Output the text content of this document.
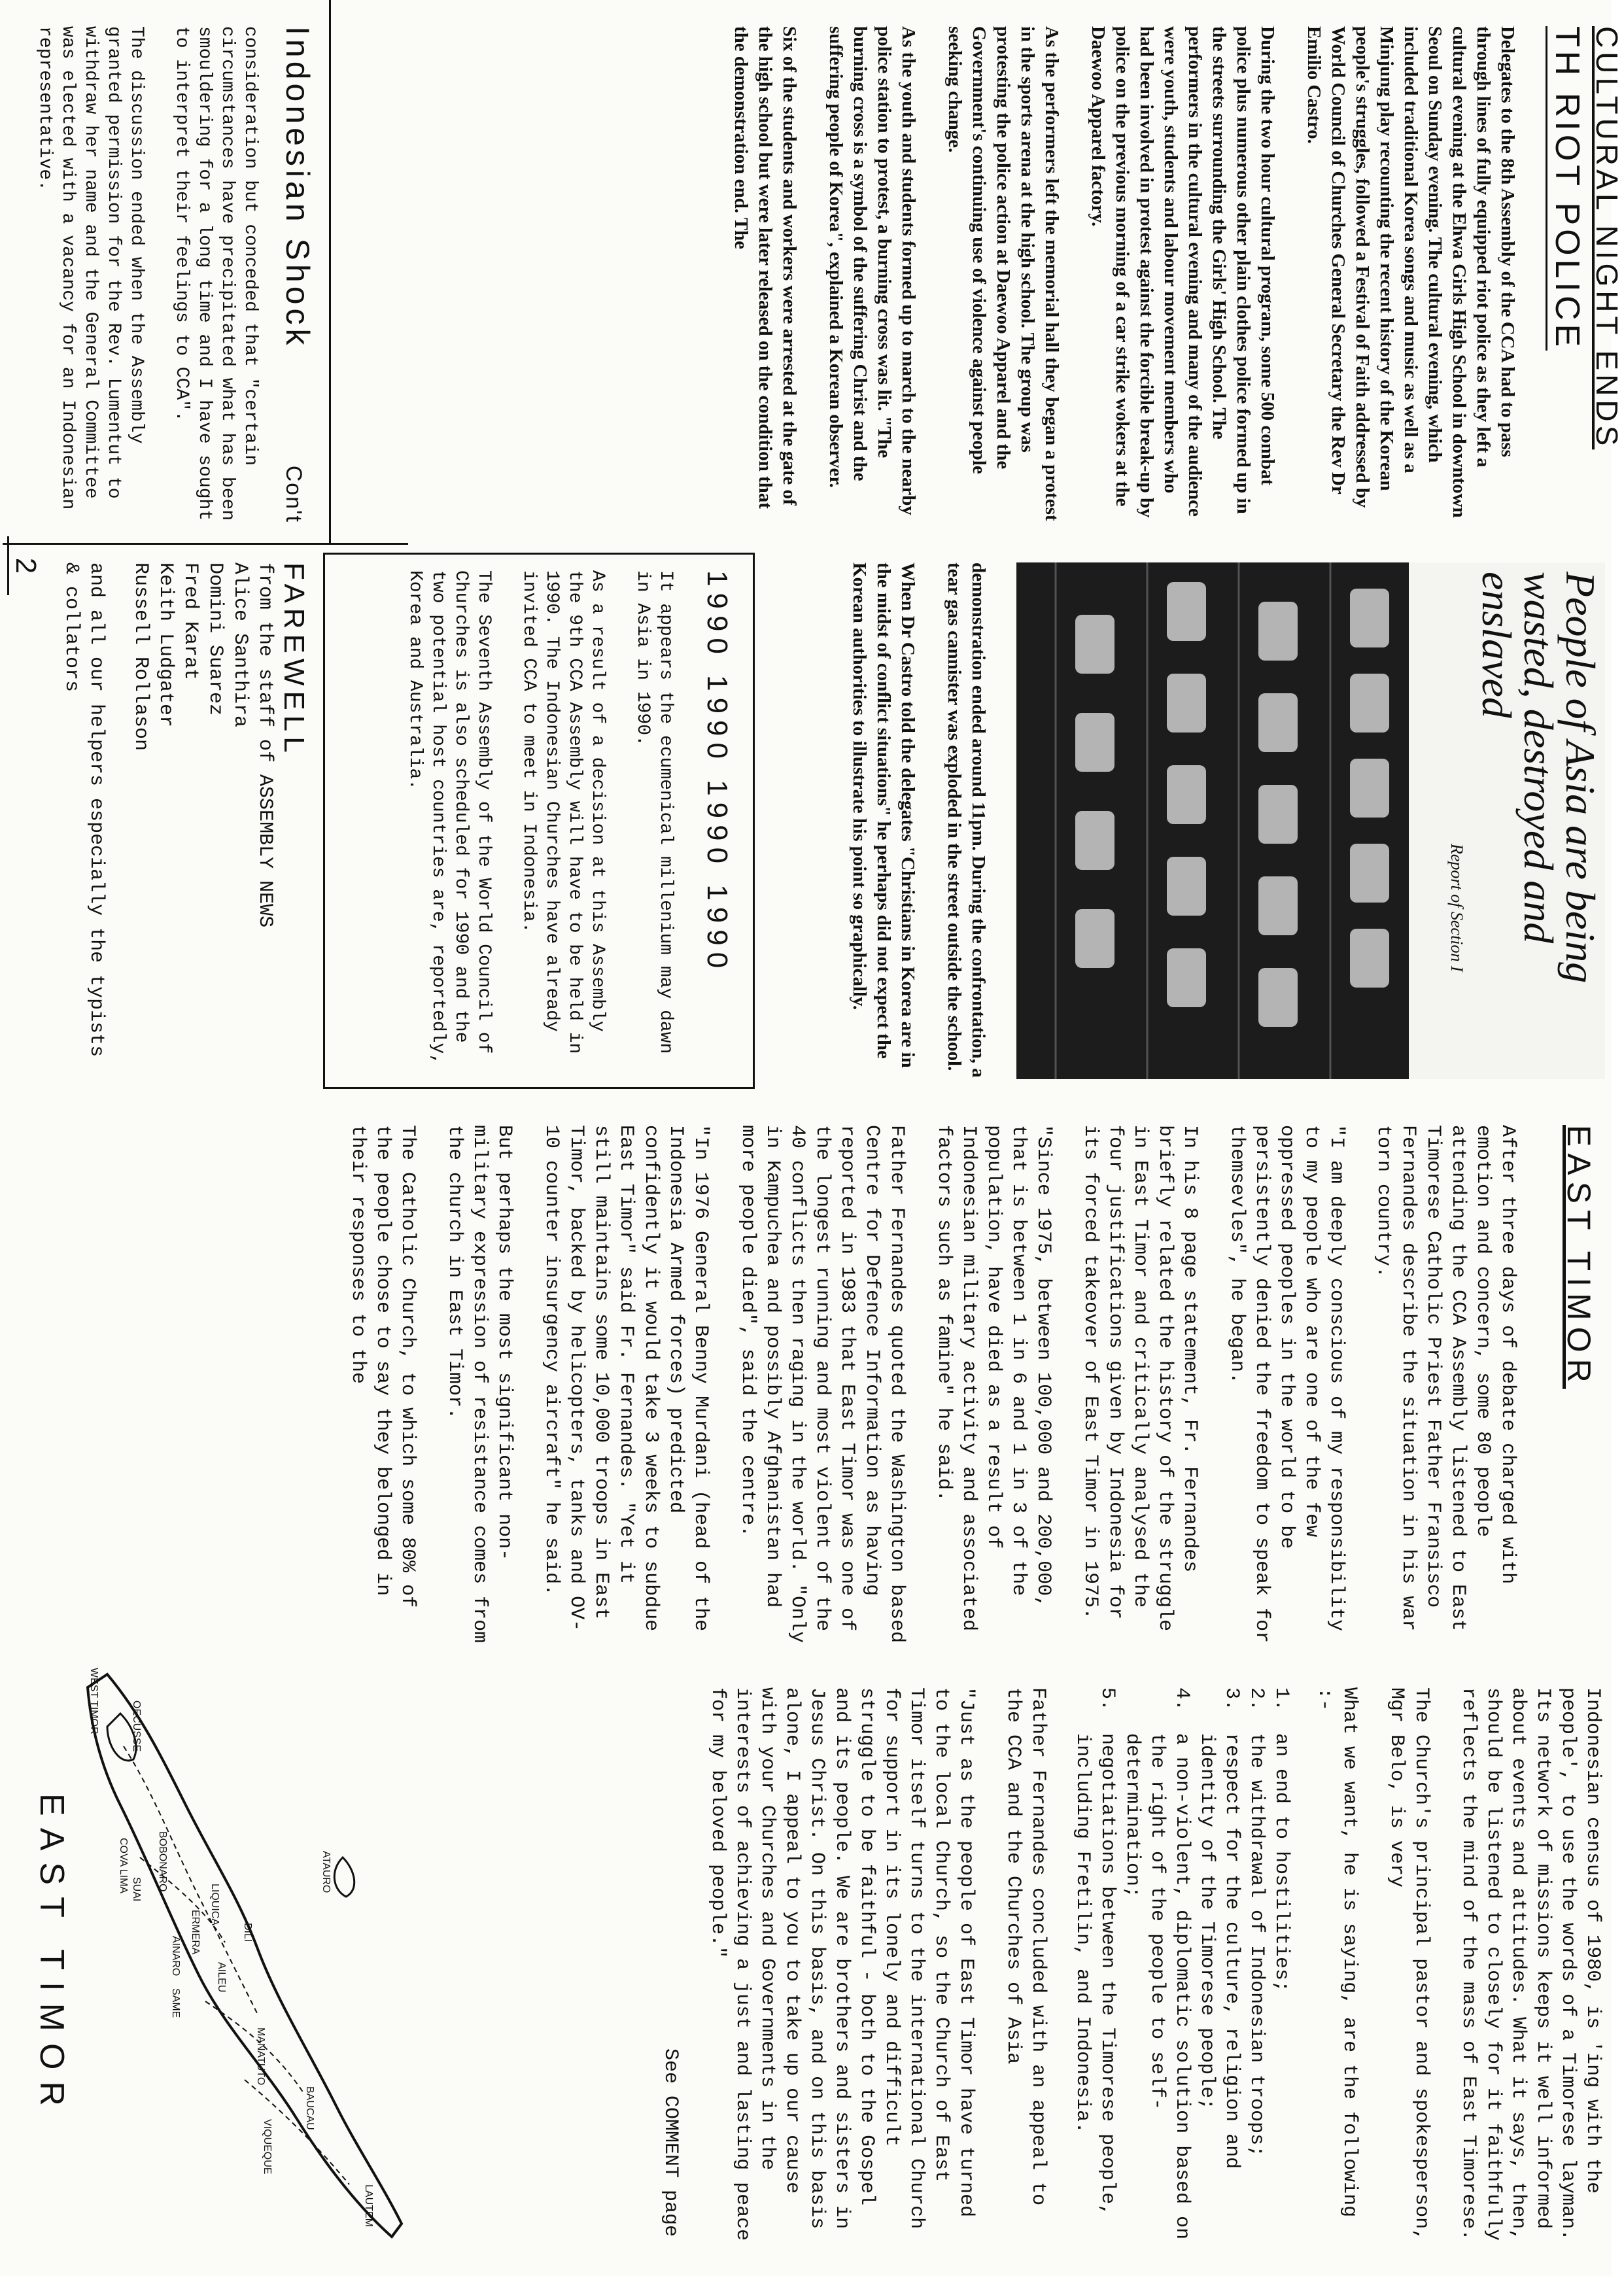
CULTURAL NIGHT ENDS
TH RIOT POLICE
Delegates to the 8th Assembly of the CCA had to pass through lines of fully equipped riot police as they left a cultural evening at the Ehwa Girls High School in downtown Seoul on Sunday evening. The cultural evening, which included traditional Korea songs and music as well as a Minjung play recounting the recent history of the Korean people's struggles, followed a Festival of Faith addressed by World Council of Churches General Secretary the Rev Dr Emilio Castro.
During the two hour cultural program, some 500 combat police plus numerous other plain clothes police formed up in the streets surrounding the Girls' High School. The performers in the cultural evening and many of the audience were youth, students and labour movement members who had been involved in protest against the forcible break-up by police on the previous morning of a car strike wokers at the Daewoo Apparel factory.
As the performers left the memorial hall they began a protest in the sports arena at the high school. The group was protesting the police action at Daewoo Apparel and the Government's continuing use of violence against people seeking change.
As the youth and students formed up to march to the nearby police station to protest, a burning cross was lit. "The burning cross is a symbol of the suffering Christ and the suffering people of Korea", explained a Korean observer.
Six of the students and workers were arrested at the gate of the high school but were later released on the condition that the demonstration end. The
Indonesian Shock
Con't
consideration but conceded that "certain circumstances have precipitated what has been smouldering for a long time and I have sought to interpret their feelings to CCA".
The discussion ended when the Assembly granted permission for the Rev. Lumentut to withdraw her name and the General Committee was elected with a vacancy for an Indonesian representative.
People of Asia are being wasted, destroyed and enslaved
Report of Section I
demonstration ended around 11pm. During the confrontation, a tear gas cannister was exploded in the street outside the school.
When Dr Castro told the delegates "Christians in Korea are in the midst of conflict situations" he perhaps did not expect the Korean authorities to illustrate his point so graphically.
1990 1990 1990 1990
It appears the ecumenical millenium may dawn in Asia in 1990.
As a result of a decision at this Assembly the 9th CCA Assembly will have to be held in 1990. The Indonesian Churches have already invited CCA to meet in Indonesia.
The Seventh Assembly of the World Council of Churches is also scheduled for 1990 and the two potential host countries are, reportedly, Korea and Australia.
FAREWELL
from the staff of ASSEMBLY NEWS
Alice Santhira
Domini Suarez
Fred Karat
Keith Ludgater
Russell Rollason
and all our helpers especially the typists & collators
2
EAST TIMOR
After three days of debate charged with emotion and concern, some 80 people attending the CCA Assembly listened to East Timorese Catholic Priest Father Fransisco Fernandes describe the situation in his war torn country.
"I am deeply conscious of my responsibility to my people who are one of the few oppressed peoples in the world to be persistently denied the freedom to speak for themsevles", he began.
In his 8 page statement, Fr. Fernandes briefly related the history of the struggle in East Timor and critically analysed the four justifications given by Indonesia for its forced takeover of East Timor in 1975.
"Since 1975, between 100,000 and 200,000, that is between 1 in 6 and 1 in 3 of the population, have died as a result of Indonesian military activity and associated factors such as famine" he said.
Father Fernandes quoted the Washington based Centre for Defence Information as having reported in 1983 that East Timor was one of the longest running and most violent of the 40 conflicts then raging in the world. "Only in Kampuchea and possibly Afghanistan had more people died", said the centre.
"In 1976 General Benny Murdani (head of the Indonesia Armed forces) predicted confidently it would take 3 weeks to subdue East Timor" said Fr. Fernandes. "Yet it still maintains some 10,000 troops in East Timor, backed by helicopters, tanks and OV-10 counter insurgency aircraft" he said.
But perhaps the most significant non-military expression of resistance comes from the church in East Timor.
The Catholic Church, to which some 80% of the people chose to say they belonged in their responses to the
Indonesian census of 1980, is 'ing with the people', to use the words of a Timorese layman. Its network of missions keeps it well informed about events and attitudes. What it says, then, should be listened to closely for it faithfully reflects the mind of the mass of East Timorese.
The Church's principal pastor and spokesperson, Mgr Belo, is very
What we want, he is saying, are the following :-
1.
an end to hostilities;
2.
the withdrawal of Indonesian troops;
3.
respect for the culture, religion and identity of the Timorese people;
4.
a non-violent, diplomatic solution based on the right of the people to self-determination;
5.
negotiations between the Timorese people, including Fretilin, and Indonesia.
Father Fernandes concluded with an appeal to the CCA and the Churches of Asia
"Just as the people of East Timor have turned to the local Church, so the Church of East Timor itself turns to the international Church for support in its lonely and difficult struggle to be faithful - both to the Gospel and its people. We are brothers and sisters in Jesus Christ. On this basis, and on this basis alone, I appeal to you to take up our cause with your Churches and Governments in the interests of achieving a just and lasting peace for my beloved people."
See COMMENT page
WEST TIMOR	OECUSSE
ATAURO
DILI
BAUCAU
LAUTEM
VIQUEQUE
MANATUTO
LIQUICA
ERMERA
AILEU
BOBONARO
COVA LIMA
AINARO
SAME
SUAI
EAST TIMOR
